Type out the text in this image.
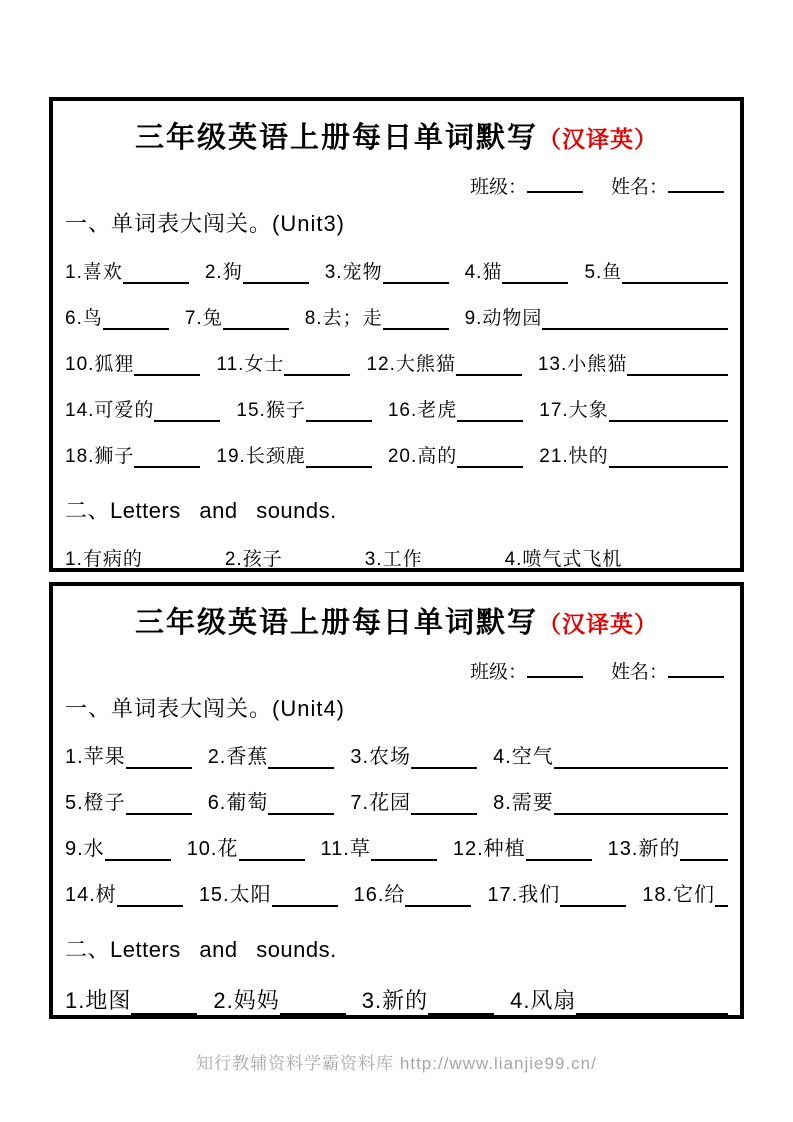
三年级英语上册每日单词默写（汉译英）
班级：	姓名：
一、单词表大闯关。(Unit3)
1.喜欢	2.狗	3.宠物	4.猫	5.鱼
6.鸟	7.兔	8.去；走	9.动物园
10.狐狸	11.女士	12.大熊猫	13.小熊猫
14.可爱的	15.猴子	16.老虎	17.大象
18.狮子	19.长颈鹿	20.高的	21.快的
二、Letters and sounds.
1.有病的	2.孩子	3.工作	4.喷气式飞机
三年级英语上册每日单词默写（汉译英）
班级：	姓名：
一、单词表大闯关。(Unit4)
1.苹果	2.香蕉	3.农场	4.空气
5.橙子	6.葡萄	7.花园	8.需要
9.水	10.花	11.草	12.种植	13.新的
14.树	15.太阳	16.给	17.我们	18.它们
二、Letters and sounds.
1.地图	2.妈妈	3.新的	4.风扇
知行教辅资料学霸资料库 http://www.lianjie99.cn/
